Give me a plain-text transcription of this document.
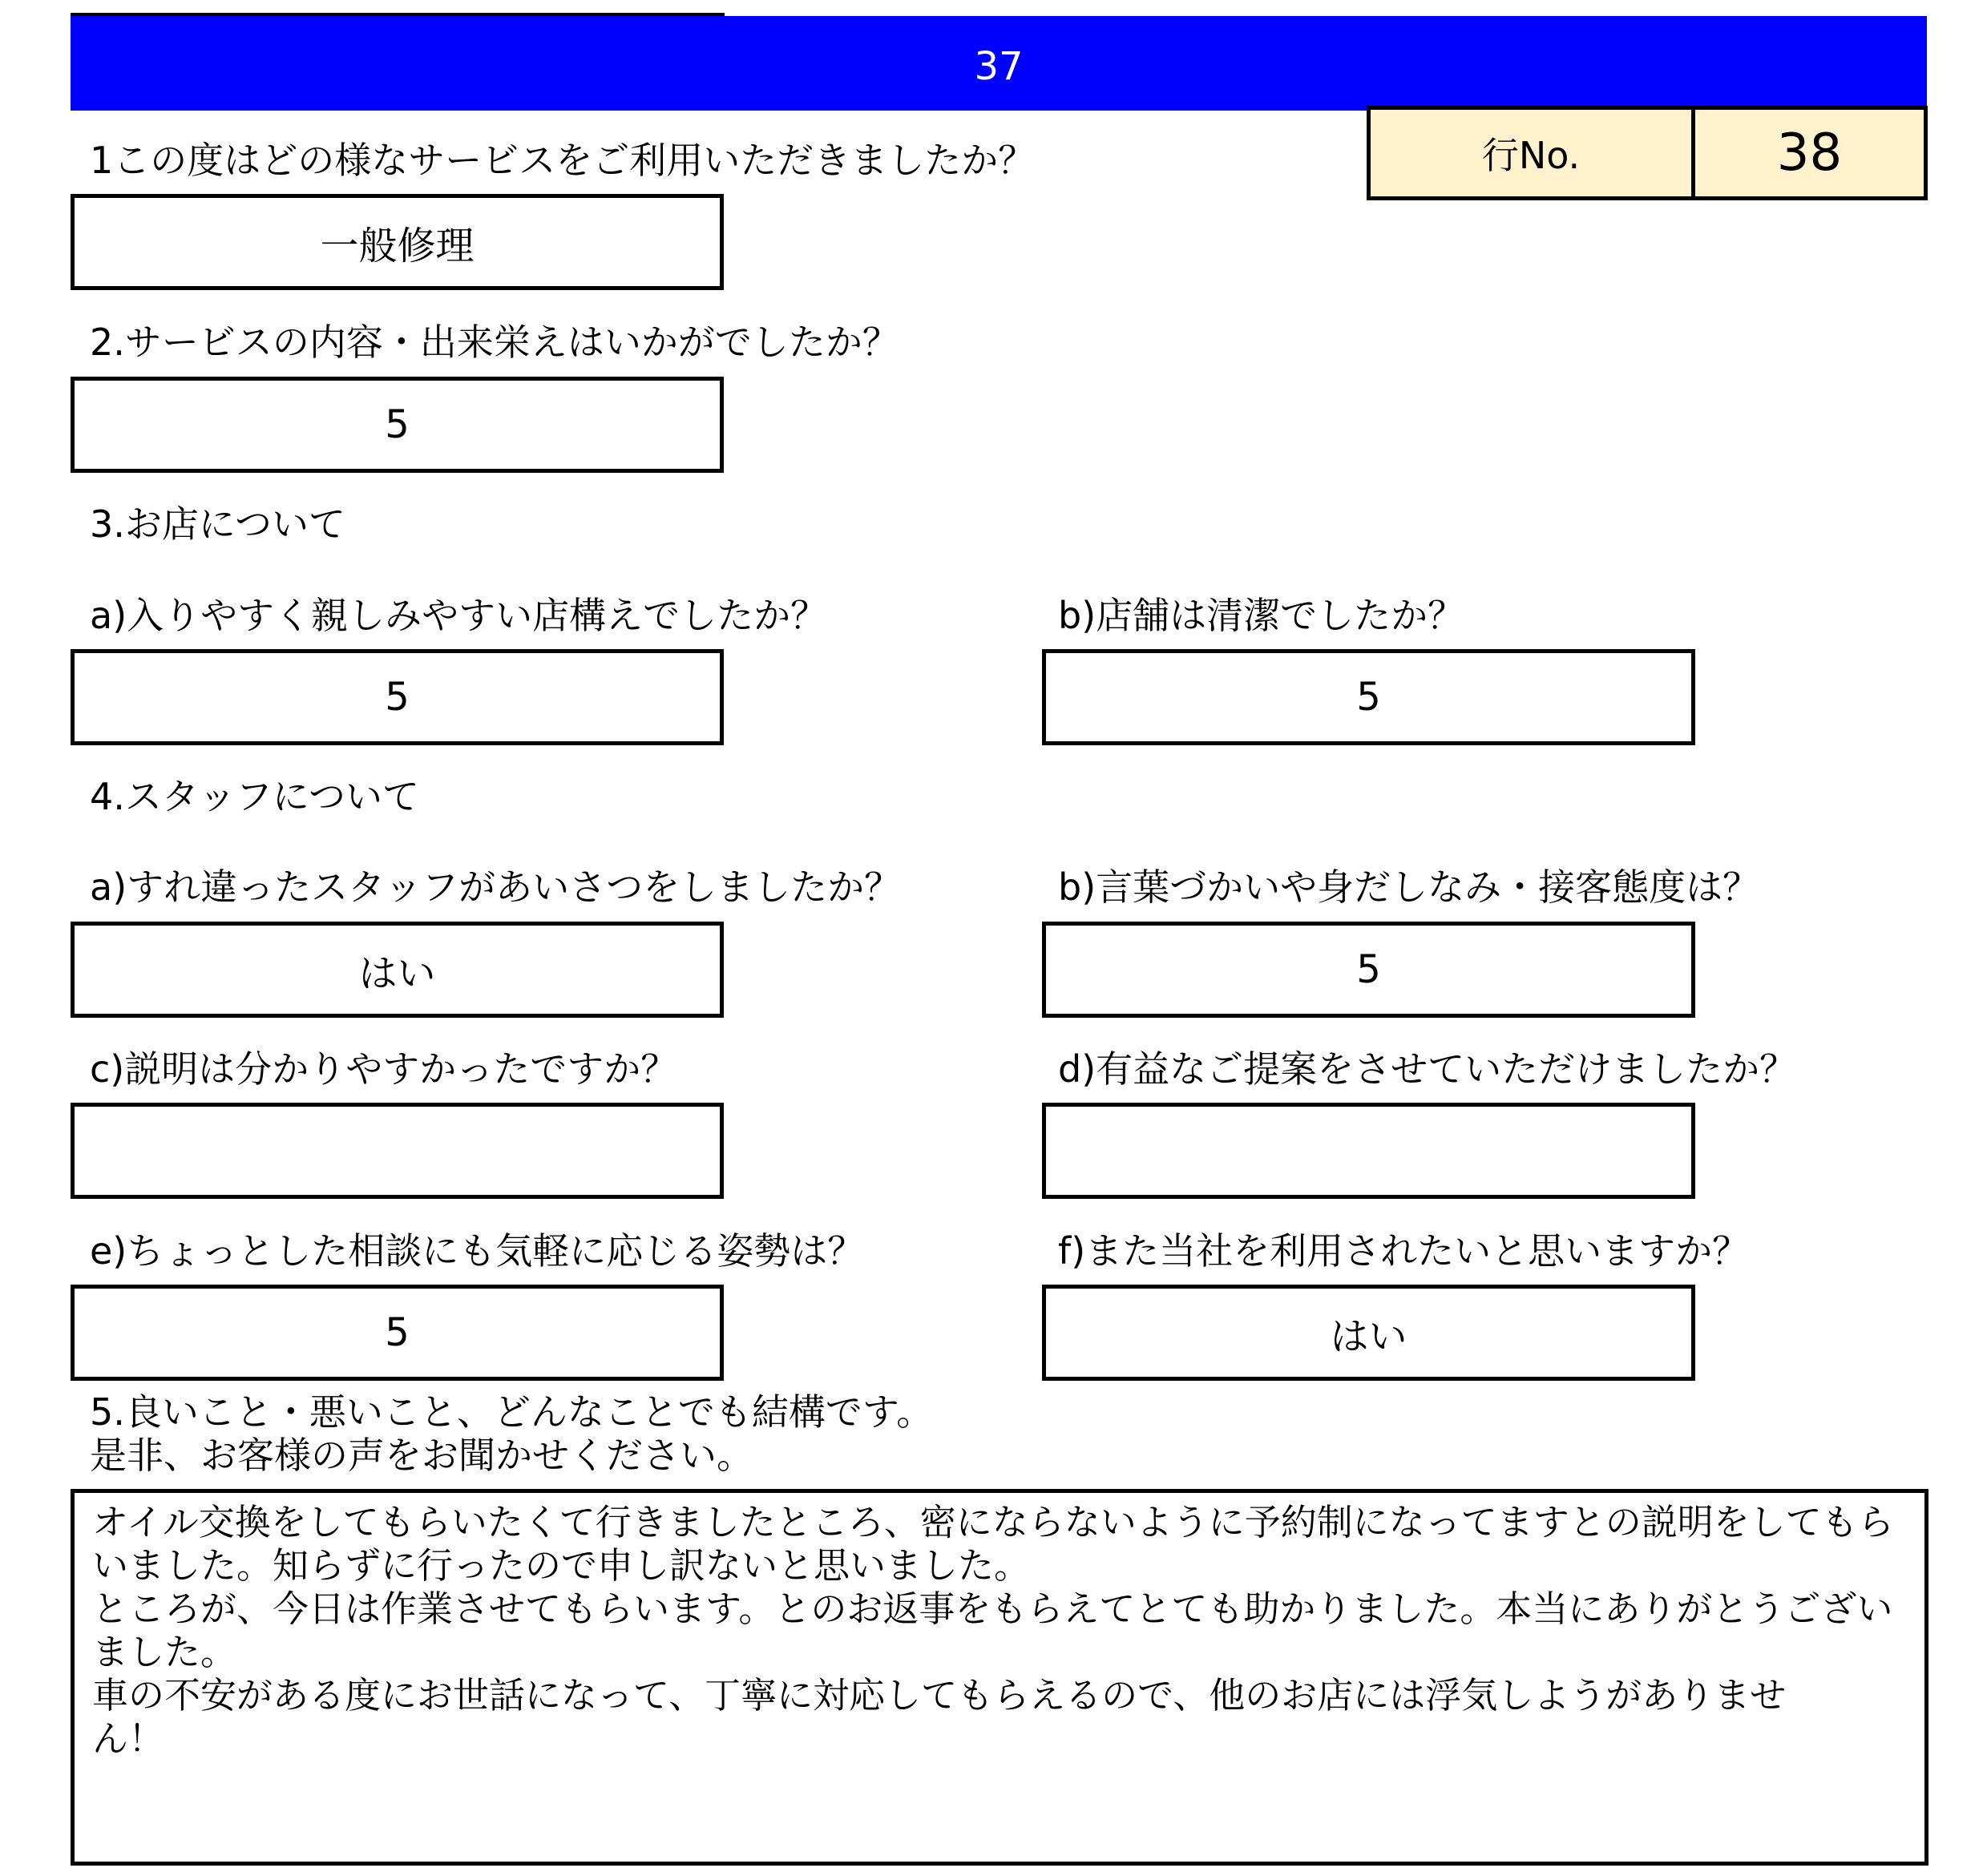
37
行No.	38
1この度はどの様なサービスをご利用いただきましたか？
一般修理
2.サービスの内容・出来栄えはいかがでしたか？
5
3.お店について
a)入りやすく親しみやすい店構えでしたか？
5
b)店舗は清潔でしたか？
5
4.スタッフについて
a)すれ違ったスタッフがあいさつをしましたか？
はい
b)言葉づかいや身だしなみ・接客態度は？
5
c)説明は分かりやすかったですか？	d)有益なご提案をさせていただけましたか？
e)ちょっとした相談にも気軽に応じる姿勢は？
5
f)また当社を利用されたいと思いますか？
はい
5.良いこと・悪いこと、どんなことでも結構です。
是非、お客様の声をお聞かせください。
オイル交換をしてもらいたくて行きましたところ、密にならないように予約制になってますとの説明をしてもら
いました。知らずに行ったので申し訳ないと思いました。
ところが、今日は作業させてもらいます。とのお返事をもらえてとても助かりました。本当にありがとうござい
ました。
車の不安がある度にお世話になって、丁寧に対応してもらえるので、他のお店には浮気しようがありませ
ん！
